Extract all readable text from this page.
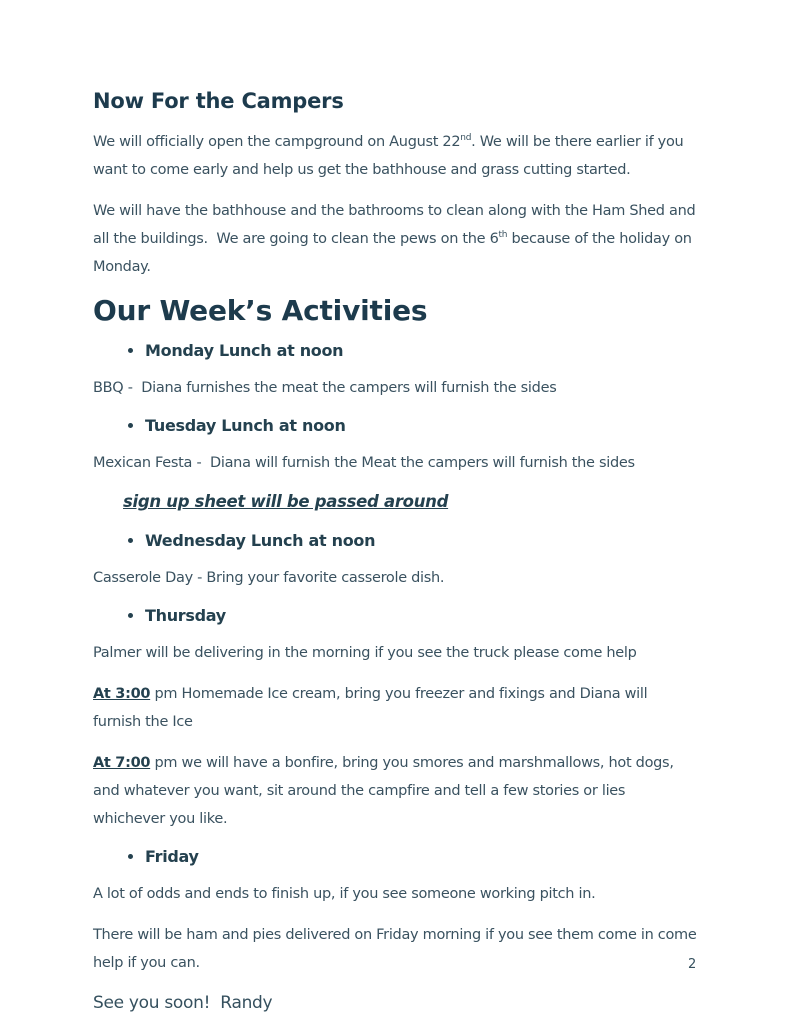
Now For the Campers

We will officially open the campground on August 22nd. We will be there earlier if you want to come early and help us get the bathhouse and grass cutting started.

We will have the bathhouse and the bathrooms to clean along with the Ham Shed and all the buildings.  We are going to clean the pews on the 6th because of the holiday on Monday.

Our Week’s Activities
• Monday Lunch at noon

BBQ -  Diana furnishes the meat the campers will furnish the sides

• Tuesday Lunch at noon

Mexican Festa -  Diana will furnish the Meat the campers will furnish the sides

sign up sheet will be passed around

• Wednesday Lunch at noon

Casserole Day - Bring your favorite casserole dish.

• Thursday

Palmer will be delivering in the morning if you see the truck please come help

At 3:00 pm Homemade Ice cream, bring you freezer and fixings and Diana will furnish the Ice

At 7:00 pm we will have a bonfire, bring you smores and marshmallows, hot dogs, and whatever you want, sit around the campfire and tell a few stories or lies whichever you like.

• Friday

A lot of odds and ends to finish up, if you see someone working pitch in.

There will be ham and pies delivered on Friday morning if you see them come in come help if you can.

See you soon!  Randy

2
